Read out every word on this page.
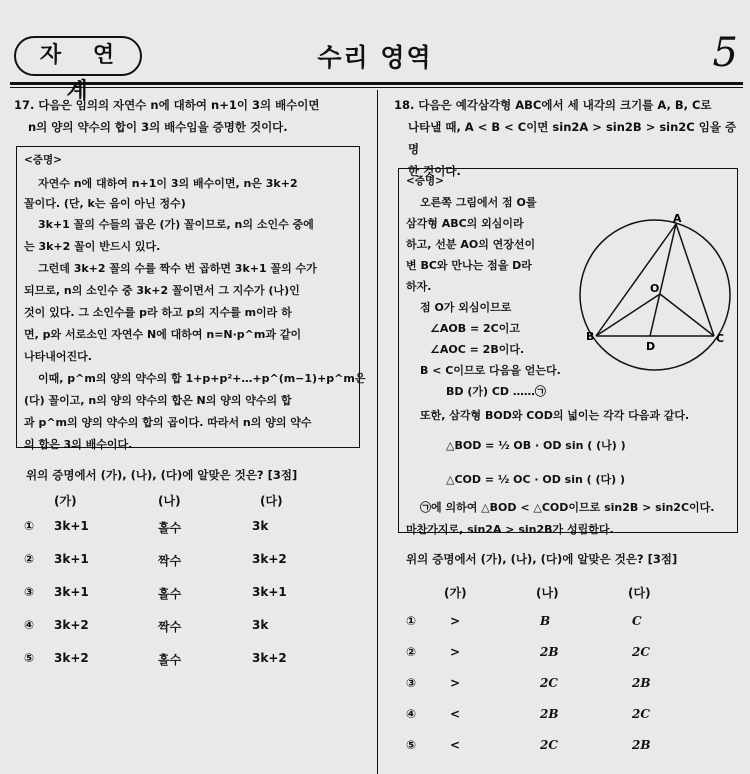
자 연 계
수리 영역	5
17. 다음은 임의의 자연수 n에 대하여 n+1이 3의 배수이면
n의 양의 약수의 합이 3의 배수임을 증명한 것이다.
<증명>
자연수 n에 대하여 n+1이 3의 배수이면, n은 3k+2
꼴이다. (단, k는 음이 아닌 정수)
3k+1 꼴의 수들의 곱은 (가) 꼴이므로, n의 소인수 중에
는 3k+2 꼴이 반드시 있다.
그런데 3k+2 꼴의 수를 짝수 번 곱하면 3k+1 꼴의 수가
되므로, n의 소인수 중 3k+2 꼴이면서 그 지수가 (나)인
것이 있다. 그 소인수를 p라 하고 p의 지수를 m이라 하
면, p와 서로소인 자연수 N에 대하여 n=N·p^m과 같이
나타내어진다.
이때, p^m의 양의 약수의 합 1+p+p²+…+p^(m−1)+p^m은
(다) 꼴이고, n의 양의 약수의 합은 N의 양의 약수의 합
과 p^m의 양의 약수의 합의 곱이다. 따라서 n의 양의 약수
의 합은 3의 배수이다.
위의 증명에서 (가), (나), (다)에 알맞은 것은? [3점]
(가)	(나)	(다)
① 3k+1	홀수	3k
② 3k+1	짝수	3k+2
③ 3k+1	홀수	3k+1
④ 3k+2	짝수	3k
⑤ 3k+2	홀수	3k+2
18. 다음은 예각삼각형 ABC에서 세 내각의 크기를 A, B, C로
나타낼 때, A < B < C이면 sin2A > sin2B > sin2C 임을 증명
한 것이다.
<증명>
오른쪽 그림에서 점 O를
삼각형 ABC의 외심이라
하고, 선분 AO의 연장선이
변 BC와 만나는 점을 D라
하자.
점 O가 외심이므로
∠AOB = 2C이고
∠AOC = 2B이다.
B < C이므로 다음을 얻는다.
BD (가) CD ……㉠
또한, 삼각형 BOD와 COD의 넓이는 각각 다음과 같다.
△BOD = ½ OB · OD sin ( (나) )
△COD = ½ OC · OD sin ( (다) )
㉠에 의하여 △BOD < △COD이므로 sin2B > sin2C이다.
마찬가지로, sin2A > sin2B가 성립한다.
A
O
B
D
C
위의 증명에서 (가), (나), (다)에 알맞은 것은? [3점]
(가)	(나)	(다)
①	>	B	C
②	>	2B	2C
③	>	2C	2B
④	<	2B	2C
⑤	<	2C	2B
